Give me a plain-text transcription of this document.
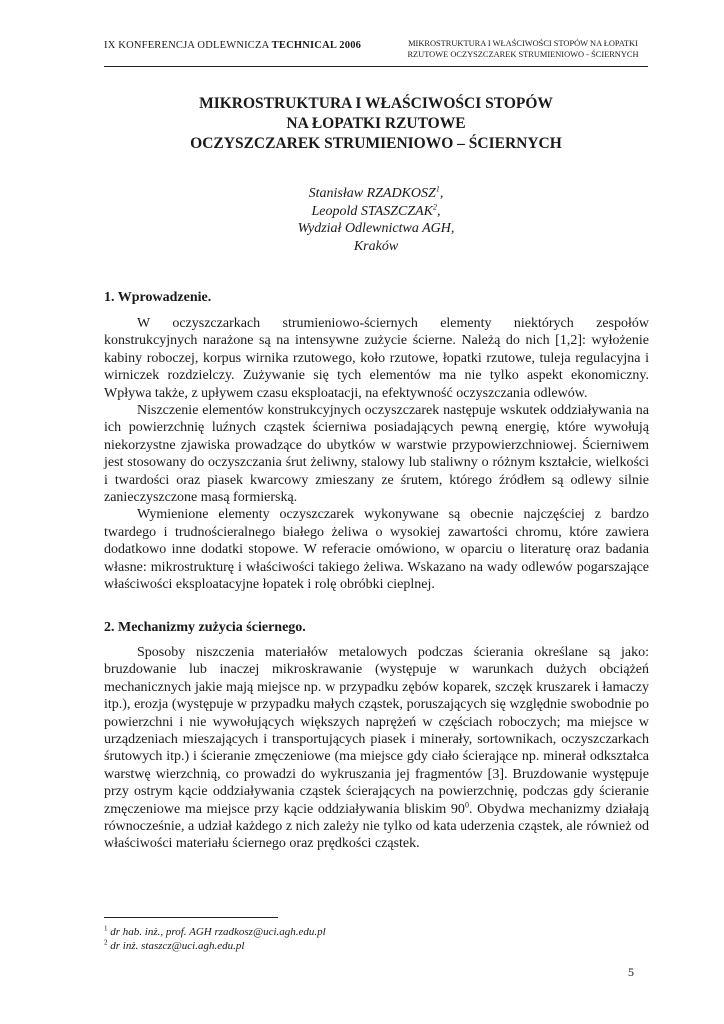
IX KONFERENCJA ODLEWNICZA TECHNICAL 2006	MIKROSTRUKTURA I WŁAŚCIWOŚCI STOPÓW NA ŁOPATKI
RZUTOWE OCZYSZCZAREK STRUMIENIOWO - ŚCIERNYCH
MIKROSTRUKTURA I WŁAŚCIWOŚCI STOPÓW
NA ŁOPATKI RZUTOWE
OCZYSZCZAREK STRUMIENIOWO – ŚCIERNYCH
Stanisław RZADKOSZ$^1$,
Leopold STASZCZAK$^2$,
Wydział Odlewnictwa AGH,
Kraków
1. Wprowadzenie.

W oczyszczarkach strumieniowo-ściernych elementy niektórych zespołów konstrukcyjnych narażone są na intensywne zużycie ścierne. Należą do nich [1,2]: wyłożenie kabiny roboczej, korpus wirnika rzutowego, koło rzutowe, łopatki rzutowe, tuleja regulacyjna i wirniczek rozdzielczy. Zużywanie się tych elementów ma nie tylko aspekt ekonomiczny. Wpływa także, z upływem czasu eksploatacji, na efektywność oczyszczania odlewów.

Niszczenie elementów konstrukcyjnych oczyszczarek następuje wskutek oddziaływania na ich powierzchnię luźnych cząstek ścierniwa posiadających pewną energię, które wywołują niekorzystne zjawiska prowadzące do ubytków w warstwie przypowierzchniowej. Ścierniwem jest stosowany do oczyszczania śrut żeliwny, stalowy lub staliwny o różnym kształcie, wielkości i twardości oraz piasek kwarcowy zmieszany ze śrutem, którego źródłem są odlewy silnie zanieczyszczone masą formierską.

Wymienione elementy oczyszczarek wykonywane są obecnie najczęściej z bardzo twardego i trudnościeralnego białego żeliwa o wysokiej zawartości chromu, które zawiera dodatkowo inne dodatki stopowe. W referacie omówiono, w oparciu o literaturę oraz badania własne: mikrostrukturę i właściwości takiego żeliwa. Wskazano na wady odlewów pogarszające właściwości eksploatacyjne łopatek i rolę obróbki cieplnej.

2. Mechanizmy zużycia ściernego.

Sposoby niszczenia materiałów metalowych podczas ścierania określane są jako: bruzdowanie lub inaczej mikroskrawanie (występuje w warunkach dużych obciążeń mechanicznych jakie mają miejsce np. w przypadku zębów koparek, szczęk kruszarek i łamaczy itp.), erozja (występuje w przypadku małych cząstek, poruszających się względnie swobodnie po powierzchni i nie wywołujących większych naprężeń w częściach roboczych; ma miejsce w urządzeniach mieszających i transportujących piasek i minerały, sortownikach, oczyszczarkach śrutowych itp.) i ścieranie zmęczeniowe (ma miejsce gdy ciało ścierające np. minerał odkształca warstwę wierzchnią, co prowadzi do wykruszania jej fragmentów [3]. Bruzdowanie występuje przy ostrym kącie oddziaływania cząstek ścierających na powierzchnię, podczas gdy ścieranie zmęczeniowe ma miejsce przy kącie oddziaływania bliskim $90^0$. Obydwa mechanizmy działają równocześnie, a udział każdego z nich zależy nie tylko od kata uderzenia cząstek, ale również od właściwości materiału ściernego oraz prędkości cząstek.

$^1$ dr hab. inż., prof. AGH rzadkosz@uci.agh.edu.pl
$^2$ dr inż. staszcz@uci.agh.edu.pl
5
